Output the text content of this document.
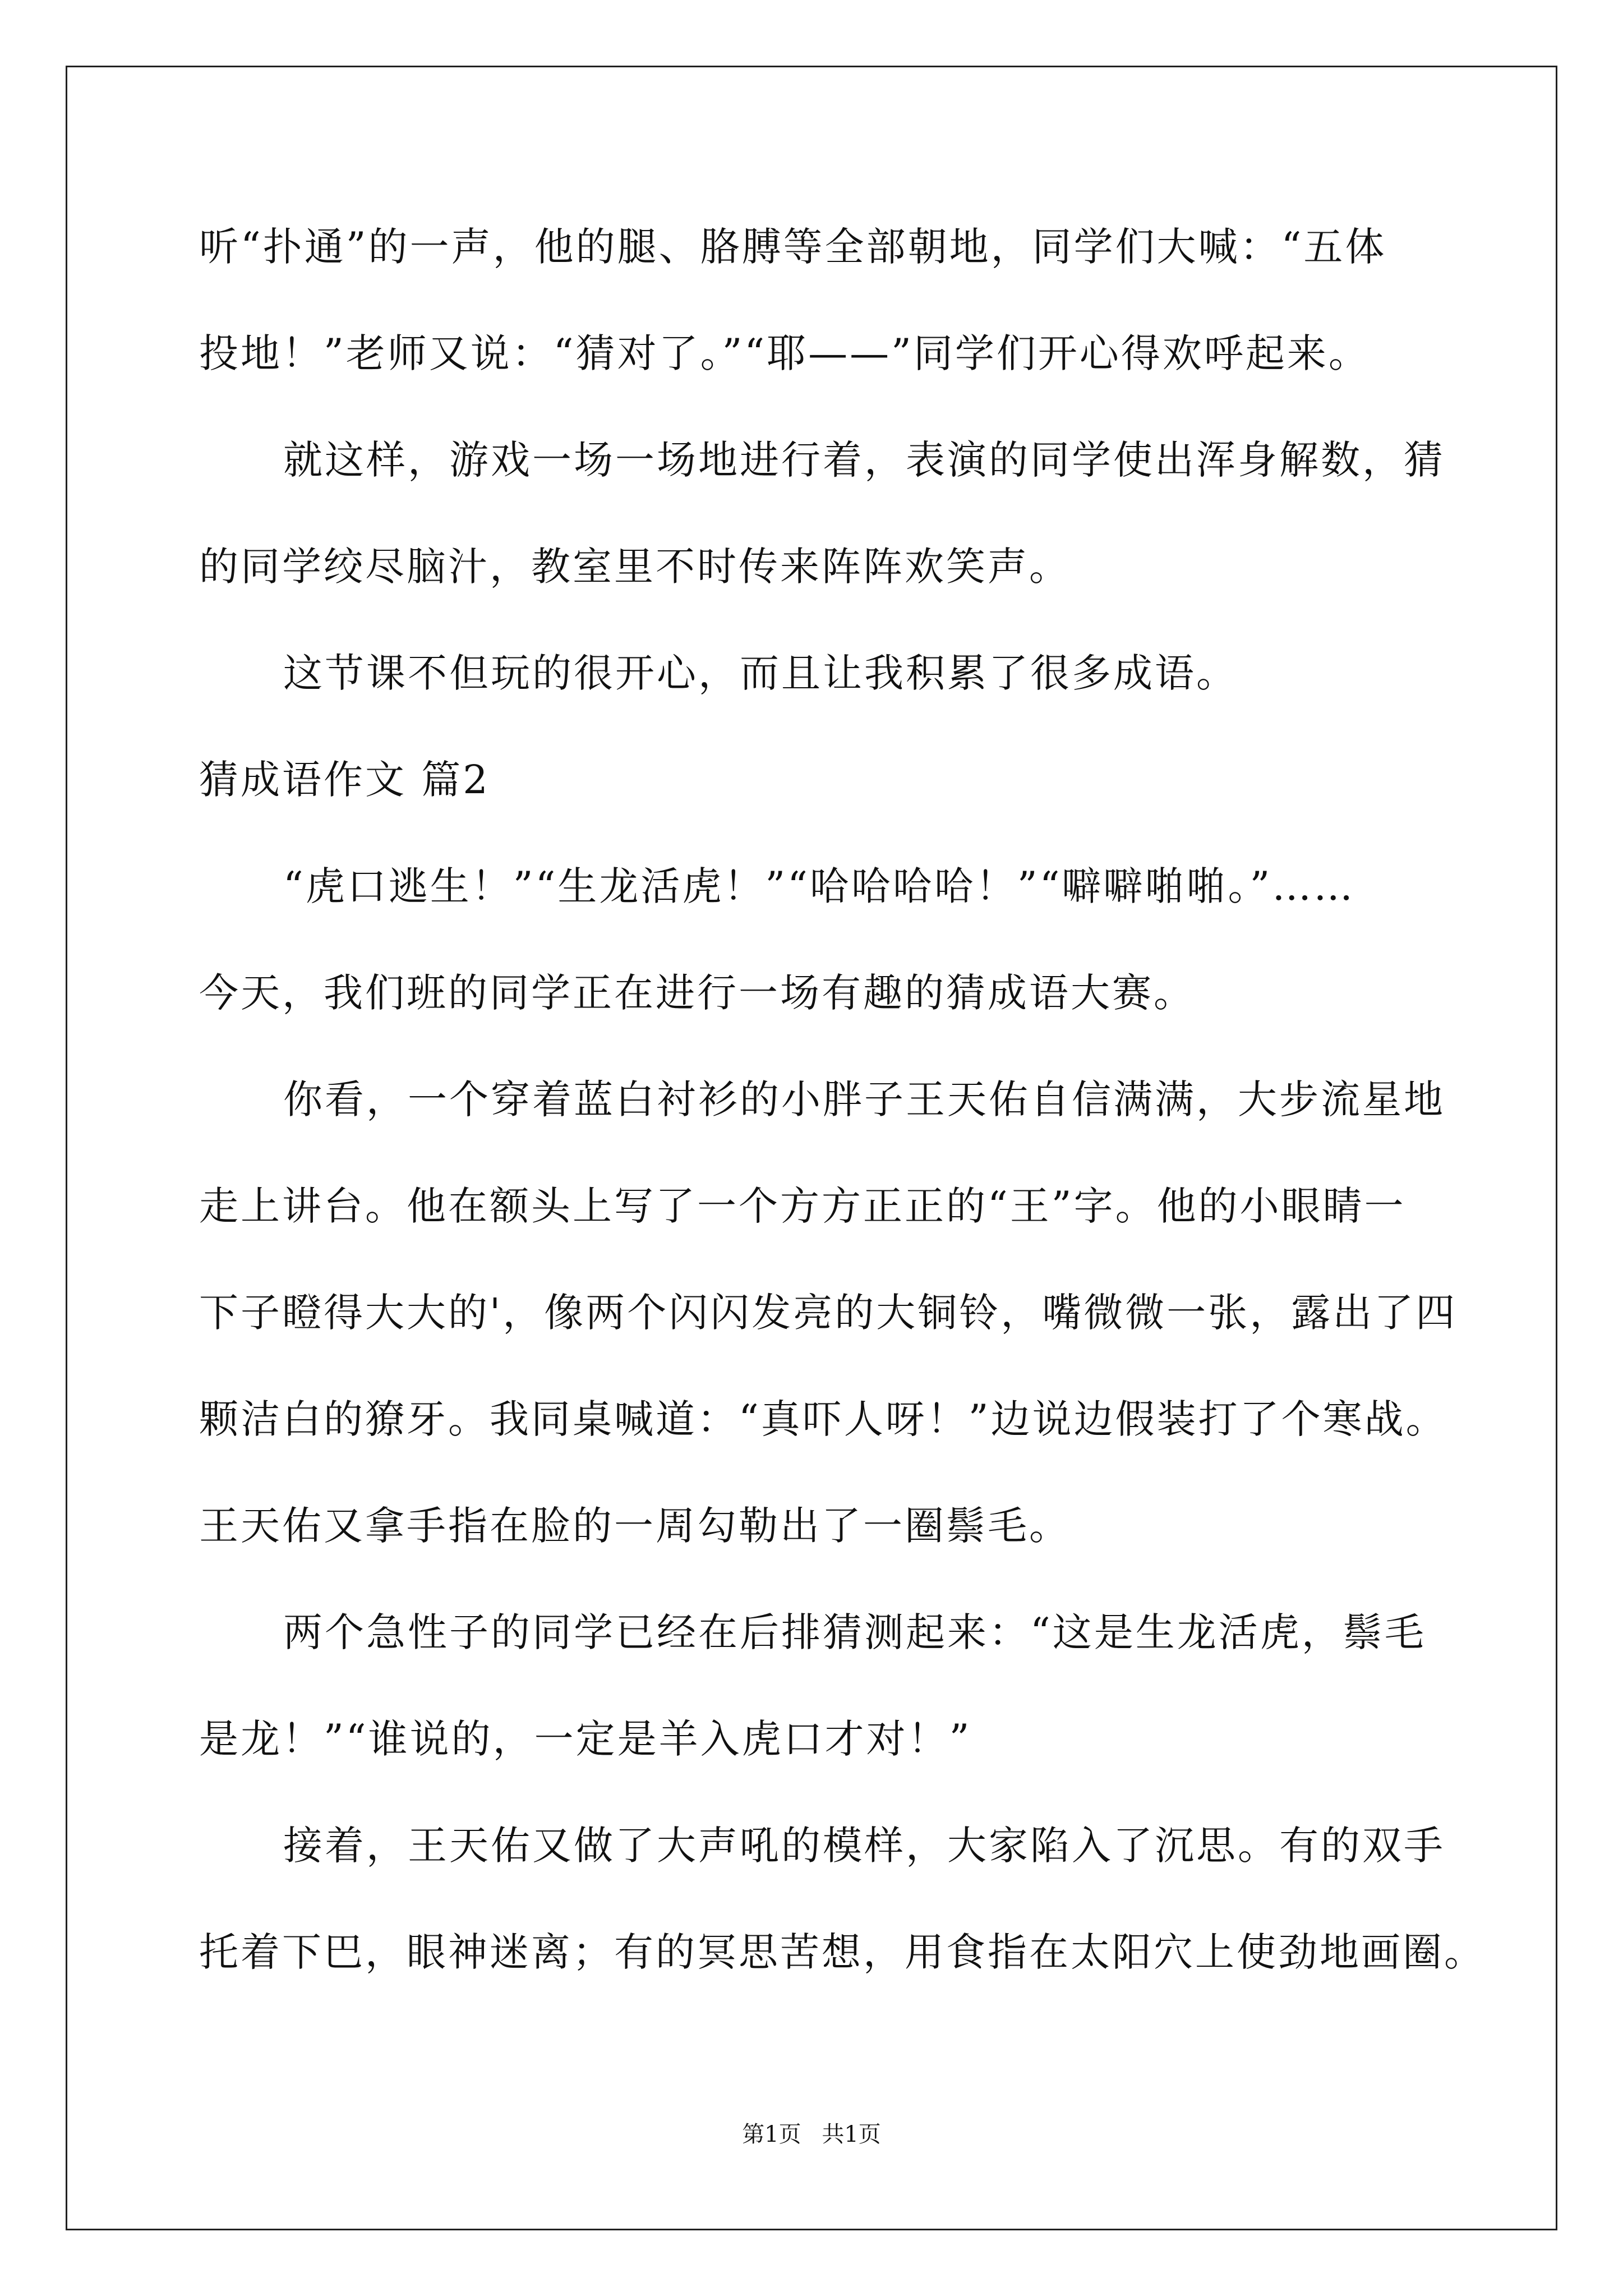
听“扑通”的一声，他的腿、胳膊等全部朝地，同学们大喊：“五体
投地！”老师又说：“猜对了。”“耶——”同学们开心得欢呼起来。
就这样，游戏一场一场地进行着，表演的同学使出浑身解数，猜
的同学绞尽脑汁，教室里不时传来阵阵欢笑声。
这节课不但玩的很开心，而且让我积累了很多成语。
猜成语作文 篇2
“虎口逃生！”“生龙活虎！”“哈哈哈哈！”“噼噼啪啪。”……
今天，我们班的同学正在进行一场有趣的猜成语大赛。
你看，一个穿着蓝白衬衫的小胖子王天佑自信满满，大步流星地
走上讲台。他在额头上写了一个方方正正的“王”字。他的小眼睛一
下子瞪得大大的'，像两个闪闪发亮的大铜铃，嘴微微一张，露出了四
颗洁白的獠牙。我同桌喊道：“真吓人呀！”边说边假装打了个寒战。
王天佑又拿手指在脸的一周勾勒出了一圈鬃毛。
两个急性子的同学已经在后排猜测起来：“这是生龙活虎，鬃毛
是龙！”“谁说的，一定是羊入虎口才对！”
接着，王天佑又做了大声吼的模样，大家陷入了沉思。有的双手
托着下巴，眼神迷离；有的冥思苦想，用食指在太阳穴上使劲地画圈。
第1页 共1页
